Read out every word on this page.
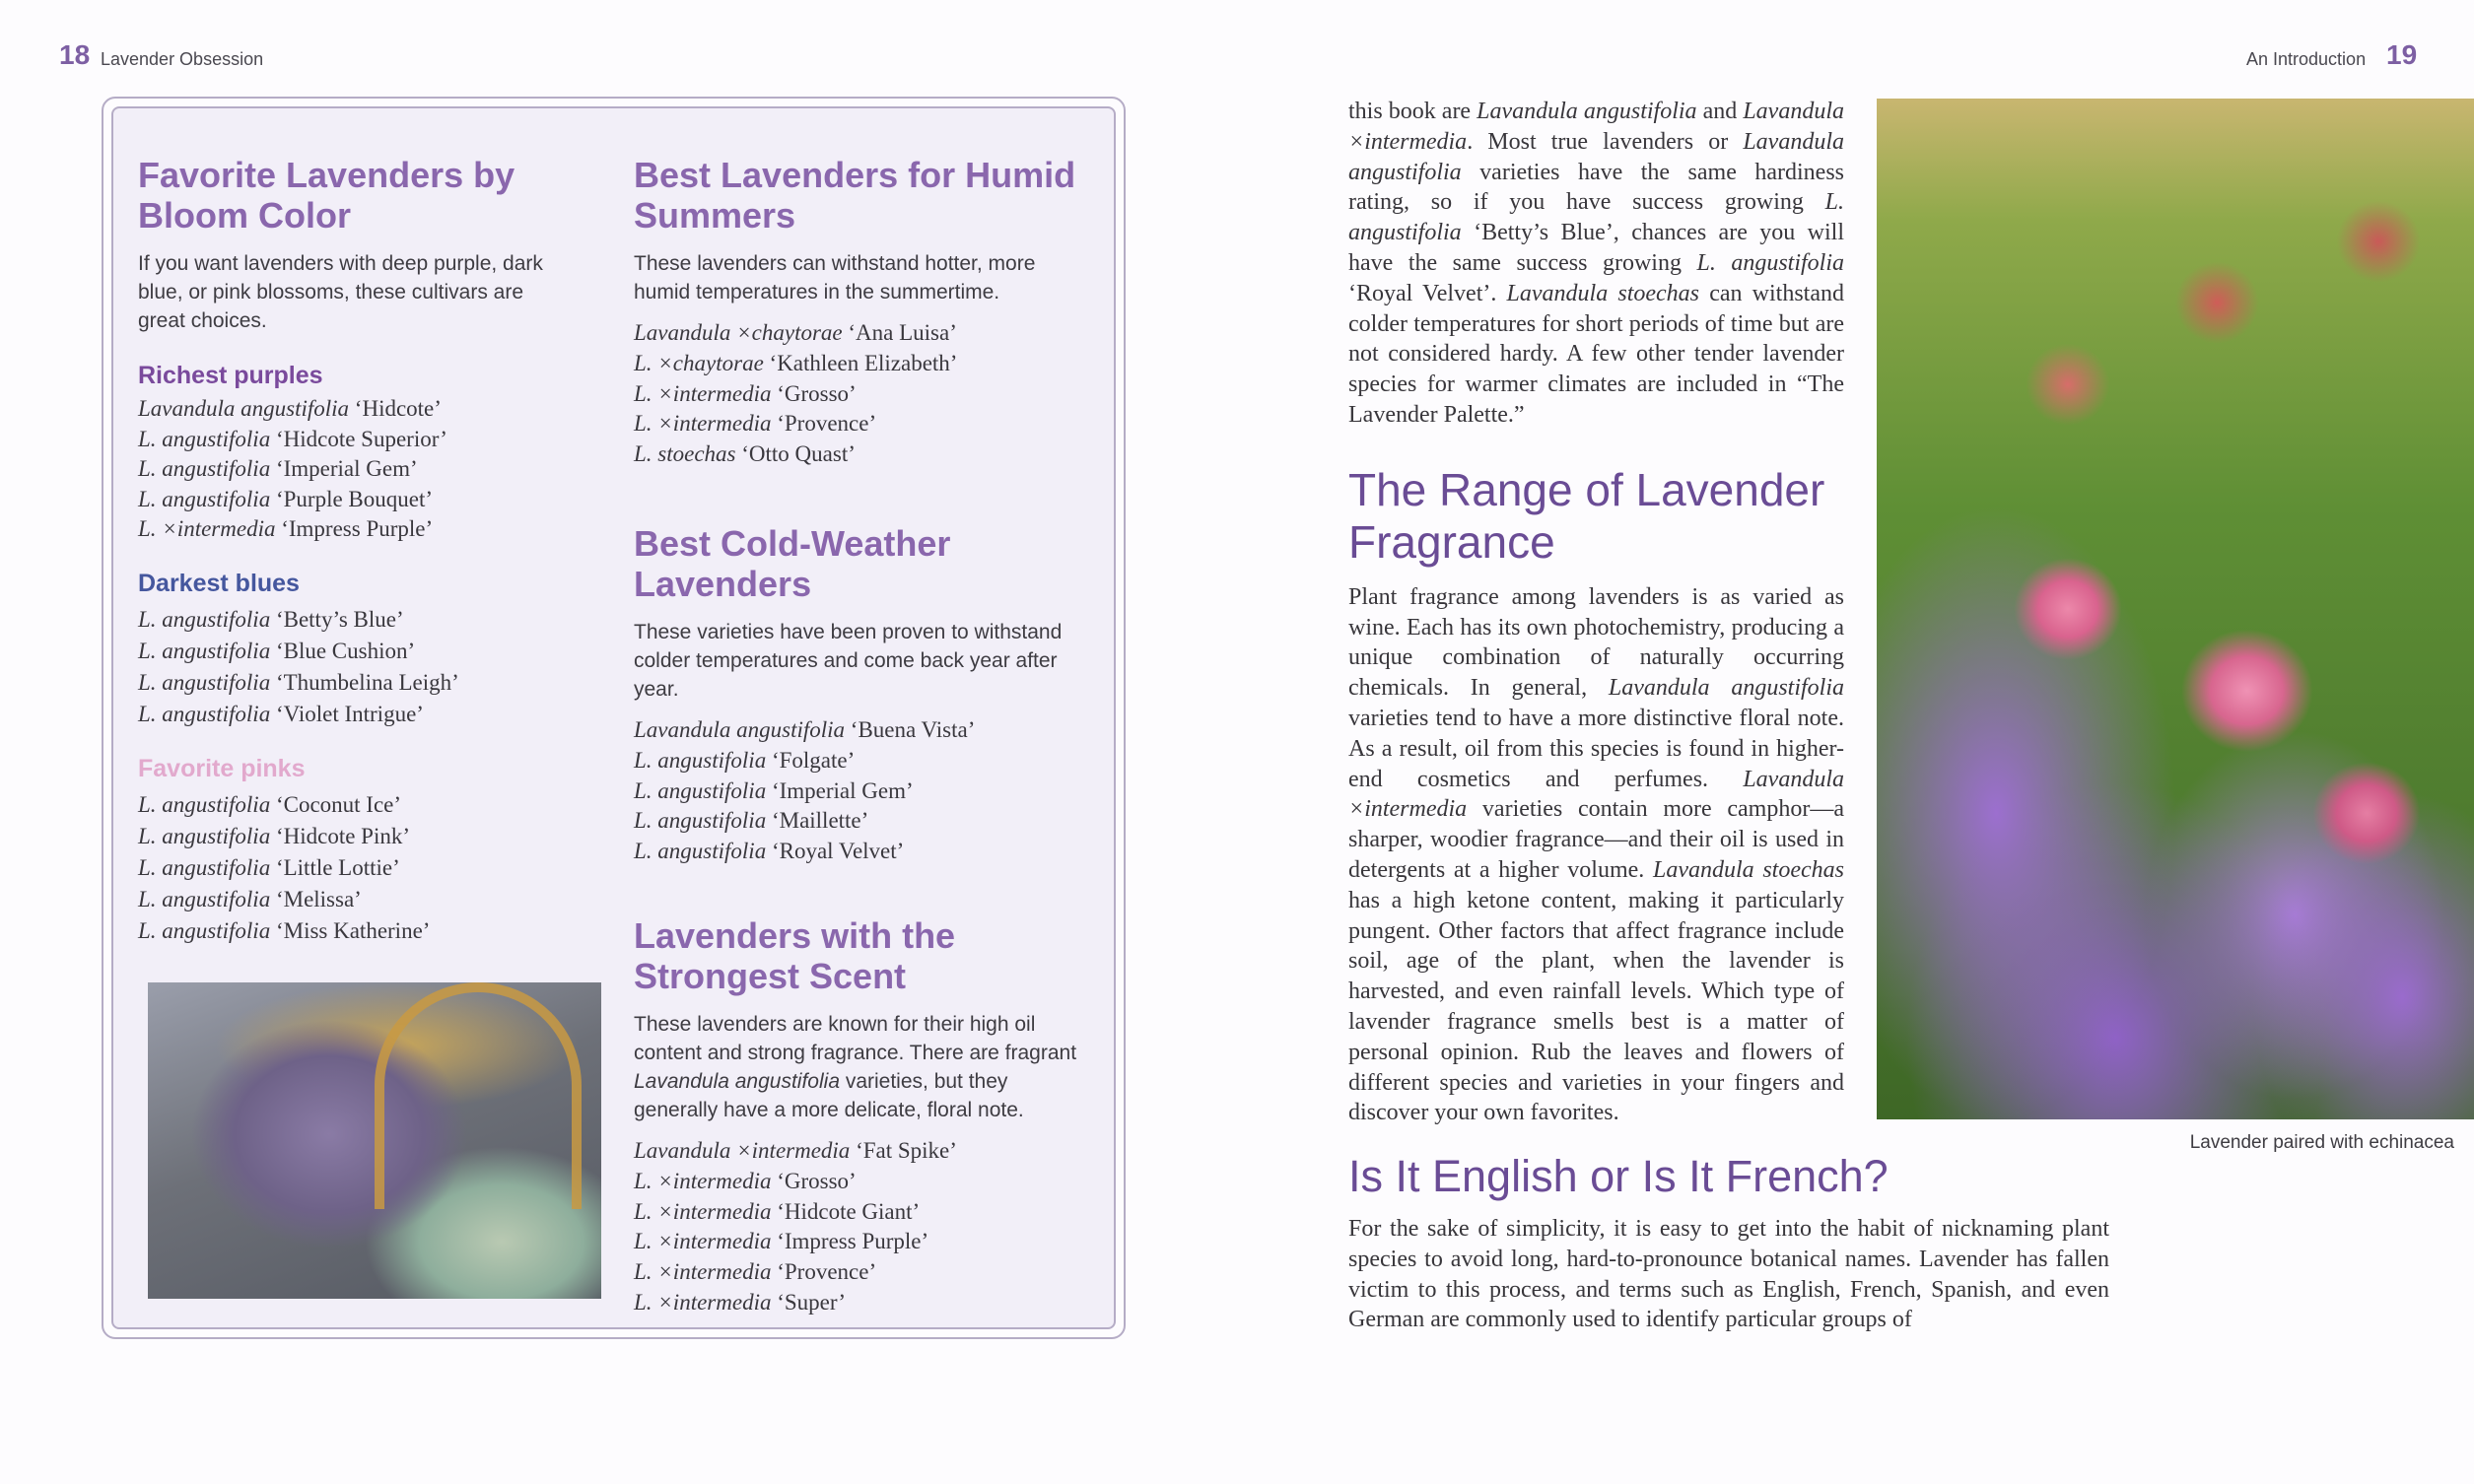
18 Lavender Obsession	An Introduction 19
Favorite Lavenders by Bloom Color

If you want lavenders with deep purple, dark blue, or pink blossoms, these cultivars are great choices.

Richest purples
Lavandula angustifolia ‘Hidcote’
L. angustifolia ‘Hidcote Superior’
L. angustifolia ‘Imperial Gem’
L. angustifolia ‘Purple Bouquet’
L. ×intermedia ‘Impress Purple’
Darkest blues
L. angustifolia ‘Betty’s Blue’
L. angustifolia ‘Blue Cushion’
L. angustifolia ‘Thumbelina Leigh’
L. angustifolia ‘Violet Intrigue’
Favorite pinks
L. angustifolia ‘Coconut Ice’
L. angustifolia ‘Hidcote Pink’
L. angustifolia ‘Little Lottie’
L. angustifolia ‘Melissa’
L. angustifolia ‘Miss Katherine’
Best Lavenders for Humid Summers

These lavenders can withstand hotter, more humid temperatures in the summertime.

Lavandula ×chaytorae ‘Ana Luisa’
L. ×chaytorae ‘Kathleen Elizabeth’
L. ×intermedia ‘Grosso’
L. ×intermedia ‘Provence’
L. stoechas ‘Otto Quast’
Best Cold-Weather Lavenders

These varieties have been proven to withstand colder temperatures and come back year after year.

Lavandula angustifolia ‘Buena Vista’
L. angustifolia ‘Folgate’
L. angustifolia ‘Imperial Gem’
L. angustifolia ‘Maillette’
L. angustifolia ‘Royal Velvet’
Lavenders with the Strongest Scent

These lavenders are known for their high oil content and strong fragrance. There are fragrant Lavandula angustifolia varieties, but they generally have a more delicate, floral note.

Lavandula ×intermedia ‘Fat Spike’
L. ×intermedia ‘Grosso’
L. ×intermedia ‘Hidcote Giant’
L. ×intermedia ‘Impress Purple’
L. ×intermedia ‘Provence’
L. ×intermedia ‘Super’

this book are Lavandula angustifolia and Lavandula ×intermedia. Most true lavenders or Lavandula angustifolia varieties have the same hardiness rating, so if you have success growing L. angustifolia ‘Betty’s Blue’, chances are you will have the same success growing L. angustifolia ‘Royal Velvet’. Lavandula stoechas can withstand colder temperatures for short periods of time but are not considered hardy. A few other tender lavender species for warmer climates are included in “The Lavender Palette.”

The Range of Lavender Fragrance

Plant fragrance among lavenders is as varied as wine. Each has its own photochemistry, producing a unique combination of naturally occurring chemicals. In general, Lavandula angustifolia varieties tend to have a more distinctive floral note. As a result, oil from this species is found in higher-end cosmetics and perfumes. Lavandula ×intermedia varieties contain more camphor—a sharper, woodier fragrance—and their oil is used in detergents at a higher volume. Lavandula stoechas has a high ketone content, making it particularly pungent. Other factors that affect fragrance include soil, age of the plant, when the lavender is harvested, and even rainfall levels. Which type of lavender fragrance smells best is a matter of personal opinion. Rub the leaves and flowers of different species and varieties in your fingers and discover your own favorites.

Lavender paired with echinacea
Is It English or Is It French?

For the sake of simplicity, it is easy to get into the habit of nicknaming plant species to avoid long, hard-to-pronounce botanical names. Lavender has fallen victim to this process, and terms such as English, French, Spanish, and even German are commonly used to identify particular groups of
